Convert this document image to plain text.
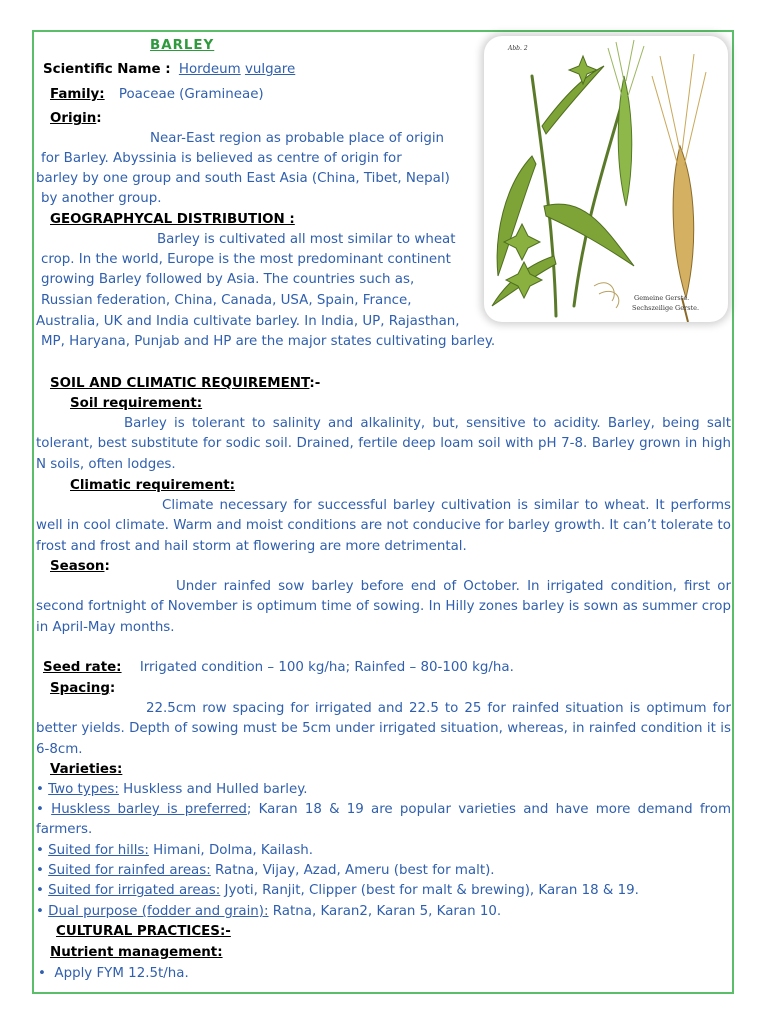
BARLEY
Scientific Name : Hordeum vulgare
Family: Poaceae (Gramineae)
Origin:
Near-East region as probable place of origin
for Barley. Abyssinia is believed as centre of origin for
barley by one group and south East Asia (China, Tibet, Nepal)
by another group.
GEOGRAPHYCAL DISTRIBUTION :
Barley is cultivated all most similar to wheat
crop. In the world, Europe is the most predominant continent
growing Barley followed by Asia. The countries such as,
Russian federation, China, Canada, USA, Spain, France,
Australia, UK and India cultivate barley. In India, UP, Rajasthan,
MP, Haryana, Punjab and HP are the major states cultivating barley.
Abb. 2
Gemeine Gerste.
Sechszeilige Gerste.
SOIL AND CLIMATIC REQUIREMENT:-
Soil requirement:
Barley is tolerant to salinity and alkalinity, but, sensitive to acidity. Barley, being salt tolerant, best substitute for sodic soil. Drained, fertile deep loam soil with pH 7-8. Barley grown in high N soils, often lodges.
Climatic requirement:
Climate necessary for successful barley cultivation is similar to wheat. It performs well in cool climate. Warm and moist conditions are not conducive for barley growth. It can’t tolerate to frost and frost and hail storm at flowering are more detrimental.
Season:
Under rainfed sow barley before end of October. In irrigated condition, first or second fortnight of November is optimum time of sowing. In Hilly zones barley is sown as summer crop in April-May months.
Seed rate: Irrigated condition – 100 kg/ha; Rainfed – 80-100 kg/ha.
Spacing:
22.5cm row spacing for irrigated and 22.5 to 25 for rainfed situation is optimum for better yields. Depth of sowing must be 5cm under irrigated situation, whereas, in rainfed condition it is 6-8cm.
Varieties:
• Two types: Huskless and Hulled barley.
• Huskless barley is preferred; Karan 18 & 19 are popular varieties and have more demand from farmers.
• Suited for hills: Himani, Dolma, Kailash.
• Suited for rainfed areas: Ratna, Vijay, Azad, Ameru (best for malt).
• Suited for irrigated areas: Jyoti, Ranjit, Clipper (best for malt & brewing), Karan 18 & 19.
• Dual purpose (fodder and grain): Ratna, Karan2, Karan 5, Karan 10.
CULTURAL PRACTICES:-
Nutrient management:
•  Apply FYM 12.5t/ha.
